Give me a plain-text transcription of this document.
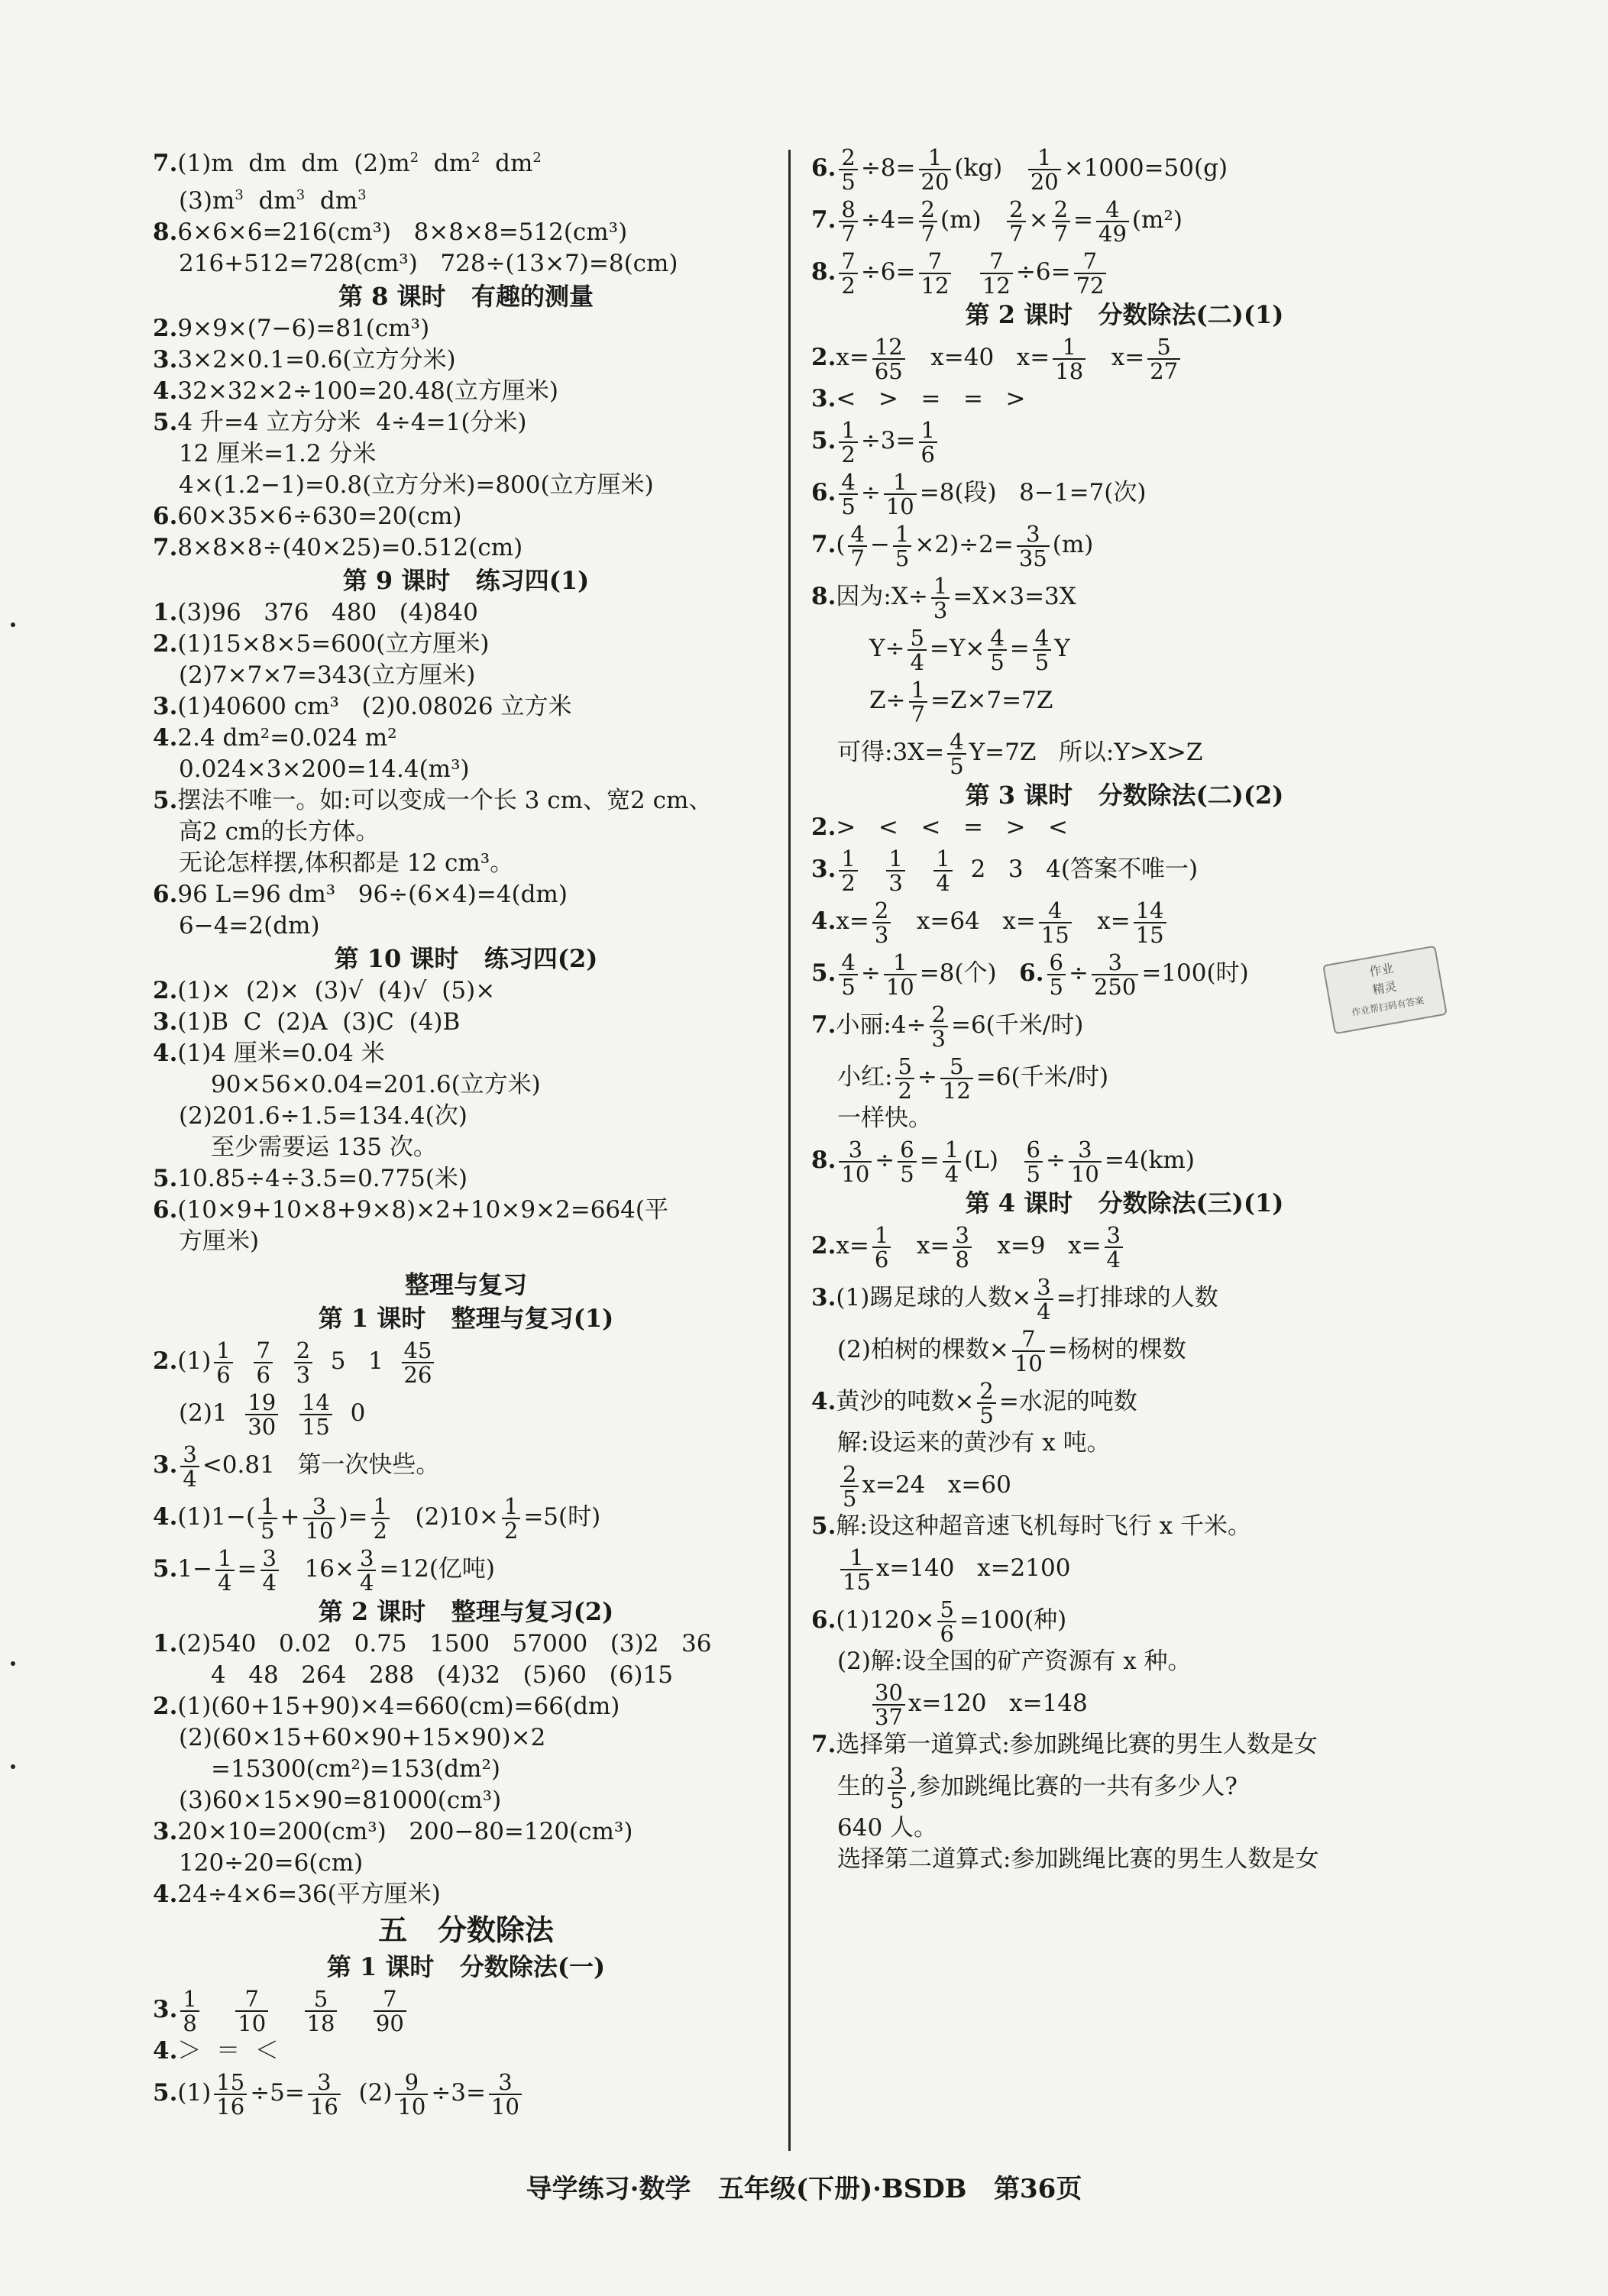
7.(1)m  dm  dm  $(2)m^2$  $dm^2$  $dm^2$
$(3)m^3$  $dm^3$  $dm^3$
8.6×6×6=216(cm³)   8×8×8=512(cm³)
216+512=728(cm³)   728÷(13×7)=8(cm)
第 8 课时   有趣的测量
2.9×9×(7−6)=81(cm³)
3.3×2×0.1=0.6(立方分米)
4.32×32×2÷100=20.48(立方厘米)
5.4 升=4 立方分米  4÷4=1(分米)
12 厘米=1.2 分米
4×(1.2−1)=0.8(立方分米)=800(立方厘米)
6.60×35×6÷630=20(cm)
7.8×8×8÷(40×25)=0.512(cm)
第 9 课时   练习四(1)
1.(3)96   376   480   (4)840
2.(1)15×8×5=600(立方厘米)
(2)7×7×7=343(立方厘米)
3.(1)40600 cm³   (2)0.08026 立方米
4.2.4 dm²=0.024 m²
0.024×3×200=14.4(m³)
5.摆法不唯一。如:可以变成一个长 3 cm、宽2 cm、
高2 cm的长方体。
无论怎样摆,体积都是 12 cm³。
6.96 L=96 dm³   96÷(6×4)=4(dm)
6−4=2(dm)
第 10 课时   练习四(2)
2.(1)×  (2)×  (3)√  (4)√  (5)×
3.(1)B  C  (2)A  (3)C  (4)B
4.(1)4 厘米=0.04 米
90×56×0.04=201.6(立方米)
(2)201.6÷1.5=134.4(次)
至少需要运 135 次。
5.10.85÷4÷3.5=0.775(米)
6.(10×9+10×8+9×8)×2+10×9×2=664(平
方厘米)
整理与复习
第 1 课时   整理与复习(1)
$2.(1) \frac{1}{6}$
$\frac{7}{6}$
$\frac{2}{3} 5$   $1 \frac{45}{26}$
$(2)1 \frac{19}{30}$
$\frac{14}{15} 0$
3. $\frac{3}{4} <0.81$   第一次快些。
$4.(1)1-( \frac{1}{5} + \frac{3}{10}$ )= $\frac{1}{2} (2)10\times \frac{1}{2} =5$(时)
$5.1- \frac{1}{4} = \frac{3}{4} 16\times \frac{3}{4} =12$(亿吨)
第 2 课时   整理与复习(2)
1.(2)540   0.02   0.75   1500   57000   (3)2   36
4   48   264   288   (4)32   (5)60   (6)15
2.(1)(60+15+90)×4=660(cm)=66(dm)
(2)(60×15+60×90+15×90)×2
=15300(cm²)=153(dm²)
(3)60×15×90=81000(cm³)
3.20×10=200(cm³)   200−80=120(cm³)
120÷20=6(cm)
4.24÷4×6=36(平方厘米)
五   分数除法
第 1 课时   分数除法(一)
3. $\frac{1}{8}$
$\frac{7}{10}$
$\frac{5}{18}$
$\frac{7}{90}$
4.＞  ＝  ＜
$5.(1) \frac{15}{16} \div 5= \frac{3}{16} (2) \frac{9}{10} \div 3= \frac{3}{10}$
6. $\frac{2}{5} \div 8= \frac{1}{20} (kg) \frac{1}{20} \times 1000=50(g)$
7. $\frac{8}{7} \div 4= \frac{2}{7} (m) \frac{2}{7} \times \frac{2}{7} = \frac{4}{49} (m^2)$
8. $\frac{7}{2} \div 6= \frac{7}{12}$
$\frac{7}{12} \div 6= \frac{7}{72}$
第 2 课时   分数除法(二)(1)
$2.x= \frac{12}{65} x=40$   $x= \frac{1}{18} x= \frac{5}{27}$
3.<   >   =   =   >
5. $\frac{1}{2} \div 3= \frac{1}{6}$
6. $\frac{4}{5} \div \frac{1}{10} =8$(段)   8−1=7(次)
$7.( \frac{4}{7} - \frac{1}{5} \times 2)\div 2= \frac{3}{35} (m)$
8.因为:X÷ $\frac{1}{3} =X\times 3=3X$
$Y\div \frac{5}{4} =Y\times \frac{4}{5} = \frac{4}{5}$ Y
$Z\div \frac{1}{7} =Z\times 7=7Z$
可得:3X= $\frac{4}{5} Y=7Z$   所以:Y>X>Z
第 3 课时   分数除法(二)(2)
2.>   <   <   =   >   <
3. $\frac{1}{2}$
$\frac{1}{3}$
$\frac{1}{4} 2$   3   4(答案不唯一)
$4.x= \frac{2}{3} x=64$   $x= \frac{4}{15} x= \frac{14}{15}$
5. $\frac{4}{5} \div \frac{1}{10} =8$(个)   6. $\frac{6}{5} \div \frac{3}{250} =100$(时)
7.小丽:4÷ $\frac{2}{3} =6$(千米/时)
小红: $\frac{5}{2} \div \frac{5}{12} =6$(千米/时)
一样快。
8. $\frac{3}{10} \div \frac{6}{5} = \frac{1}{4} (L) \frac{6}{5} \div \frac{3}{10} =4(km)$
第 4 课时   分数除法(三)(1)
$2.x= \frac{1}{6} x= \frac{3}{8} x=9$   $x= \frac{3}{4}$
3.(1)踢足球的人数× $\frac{3}{4}$ =打排球的人数
(2)柏树的棵数× $\frac{7}{10}$ =杨树的棵数
4.黄沙的吨数× $\frac{2}{5}$ =水泥的吨数
解:设运来的黄沙有 x 吨。
$\frac{2}{5} x=24$   x=60
5.解:设这种超音速飞机每时飞行 x 千米。
$\frac{1}{15} x=140$   x=2100
$6.(1)120\times \frac{5}{6} =100$(种)
(2)解:设全国的矿产资源有 x 种。
$\frac{30}{37} x=120$   x=148
7.选择第一道算式:参加跳绳比赛的男生人数是女
生的 $\frac{3}{5}$ ,参加跳绳比赛的一共有多少人?
640 人。
选择第二道算式:参加跳绳比赛的男生人数是女
作业
精灵
作业帮扫码有答案
导学练习·数学   五年级(下册)·BSDB   第36页
